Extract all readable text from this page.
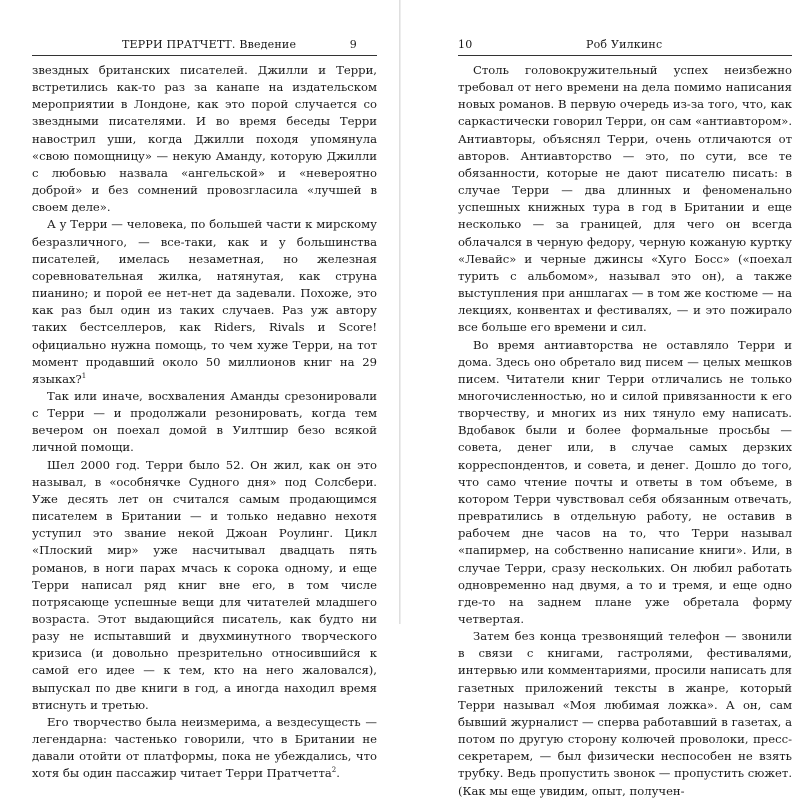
ТЕРРИ ПРАТЧЕТТ. Введение	9

звездных британских писателей. Джилли и Терри, встретились как-то раз за канапе на издательском мероприятии в Лондоне, как это порой случается со звездными писателями. И во время беседы Терри навострил уши, когда Джилли походя упомянула «свою помощницу» — некую Аманду, которую Джилли с любовью назвала «ангельской» и «невероятно доброй» и без сомнений провозгласила «лучшей в своем деле».

А у Терри — человека, по большей части к мирскому безразличного, — все-таки, как и у большинства писателей, имелась незаметная, но железная соревновательная жилка, натянутая, как струна пианино; и порой ее нет-нет да задевали. Похоже, это как раз был один из таких случаев. Раз уж автору таких бестселлеров, как Riders, Rivals и Score! официально нужна помощь, то чем хуже Терри, на тот момент продавший около 50 миллионов книг на 29 языках?$^1$

Так или иначе, восхваления Аманды срезонировали с Терри — и продолжали резонировать, когда тем вечером он поехал домой в Уилтшир безо всякой личной помощи.

Шел 2000 год. Терри было 52. Он жил, как он это называл, в «особнячке Судного дня» под Солсбери. Уже десять лет он считался самым продающимся писателем в Британии — и только недавно нехотя уступил это звание некой Джоан Роулинг. Цикл «Плоский мир» уже насчитывал двадцать пять романов, в ноги парах мчась к сорока одному, и еще Терри написал ряд книг вне его, в том числе потрясающе успешные вещи для читателей младшего возраста. Этот выдающийся писатель, как будто ни разу не испытавший и двухминутного творческого кризиса (и довольно презрительно относившийся к самой его идее — к тем, кто на него жаловался), выпускал по две книги в год, а иногда находил время втиснуть и третью.

Его творчество была неизмерима, а вездесущесть — легендарна: частенько говорили, что в Британии не давали отойти от платформы, пока не убеждались, что хотя бы один пассажир читает Терри Пратчетта$^2$.

10	Роб Уилкинс

Столь головокружительный успех неизбежно требовал от него времени на дела помимо написания новых романов. В первую очередь из-за того, что, как саркастически говорил Терри, он сам «антиавтором». Антиавторы, объяснял Терри, очень отличаются от авторов. Антиавторство — это, по сути, все те обязанности, которые не дают писателю писать: в случае Терри — два длинных и феноменально успешных книжных тура в год в Британии и еще несколько — за границей, для чего он всегда облачался в черную федору, черную кожаную куртку «Левайс» и черные джинсы «Хуго Босс» («поехал турить с альбомом», называл это он), а также выступления при аншлагах — в том же костюме — на лекциях, конвентах и фестивалях, — и это пожирало все больше его времени и сил.

Во время антиавторства не оставляло Терри и дома. Здесь оно обретало вид писем — целых мешков писем. Читатели книг Терри отличались не только многочисленностью, но и силой привязанности к его творчеству, и многих из них тянуло ему написать. Вдобавок были и более формальные просьбы — совета, денег или, в случае самых дерзких корреспондентов, и совета, и денег. Дошло до того, что само чтение почты и ответы в том объеме, в котором Терри чувствовал себя обязанным отвечать, превратились в отдельную работу, не оставив в рабочем дне часов на то, что Терри называл «папирмер, на собственно написание книги». Или, в случае Терри, сразу нескольких. Он любил работать одновременно над двумя, а то и тремя, и еще одно где-то на заднем плане уже обретала форму четвертая.

Затем без конца трезвонящий телефон — звонили в связи с книгами, гастролями, фестивалями, интервью или комментариями, просили написать для газетных приложений тексты в жанре, который Терри называл «Моя любимая ложка». А он, сам бывший журналист — сперва работавший в газетах, а потом по другую сторону колючей проволоки, пресс-секретарем, — был физически неспособен не взять трубку. Ведь пропустить звонок — пропустить сюжет. (Как мы еще увидим, опыт, получен-
